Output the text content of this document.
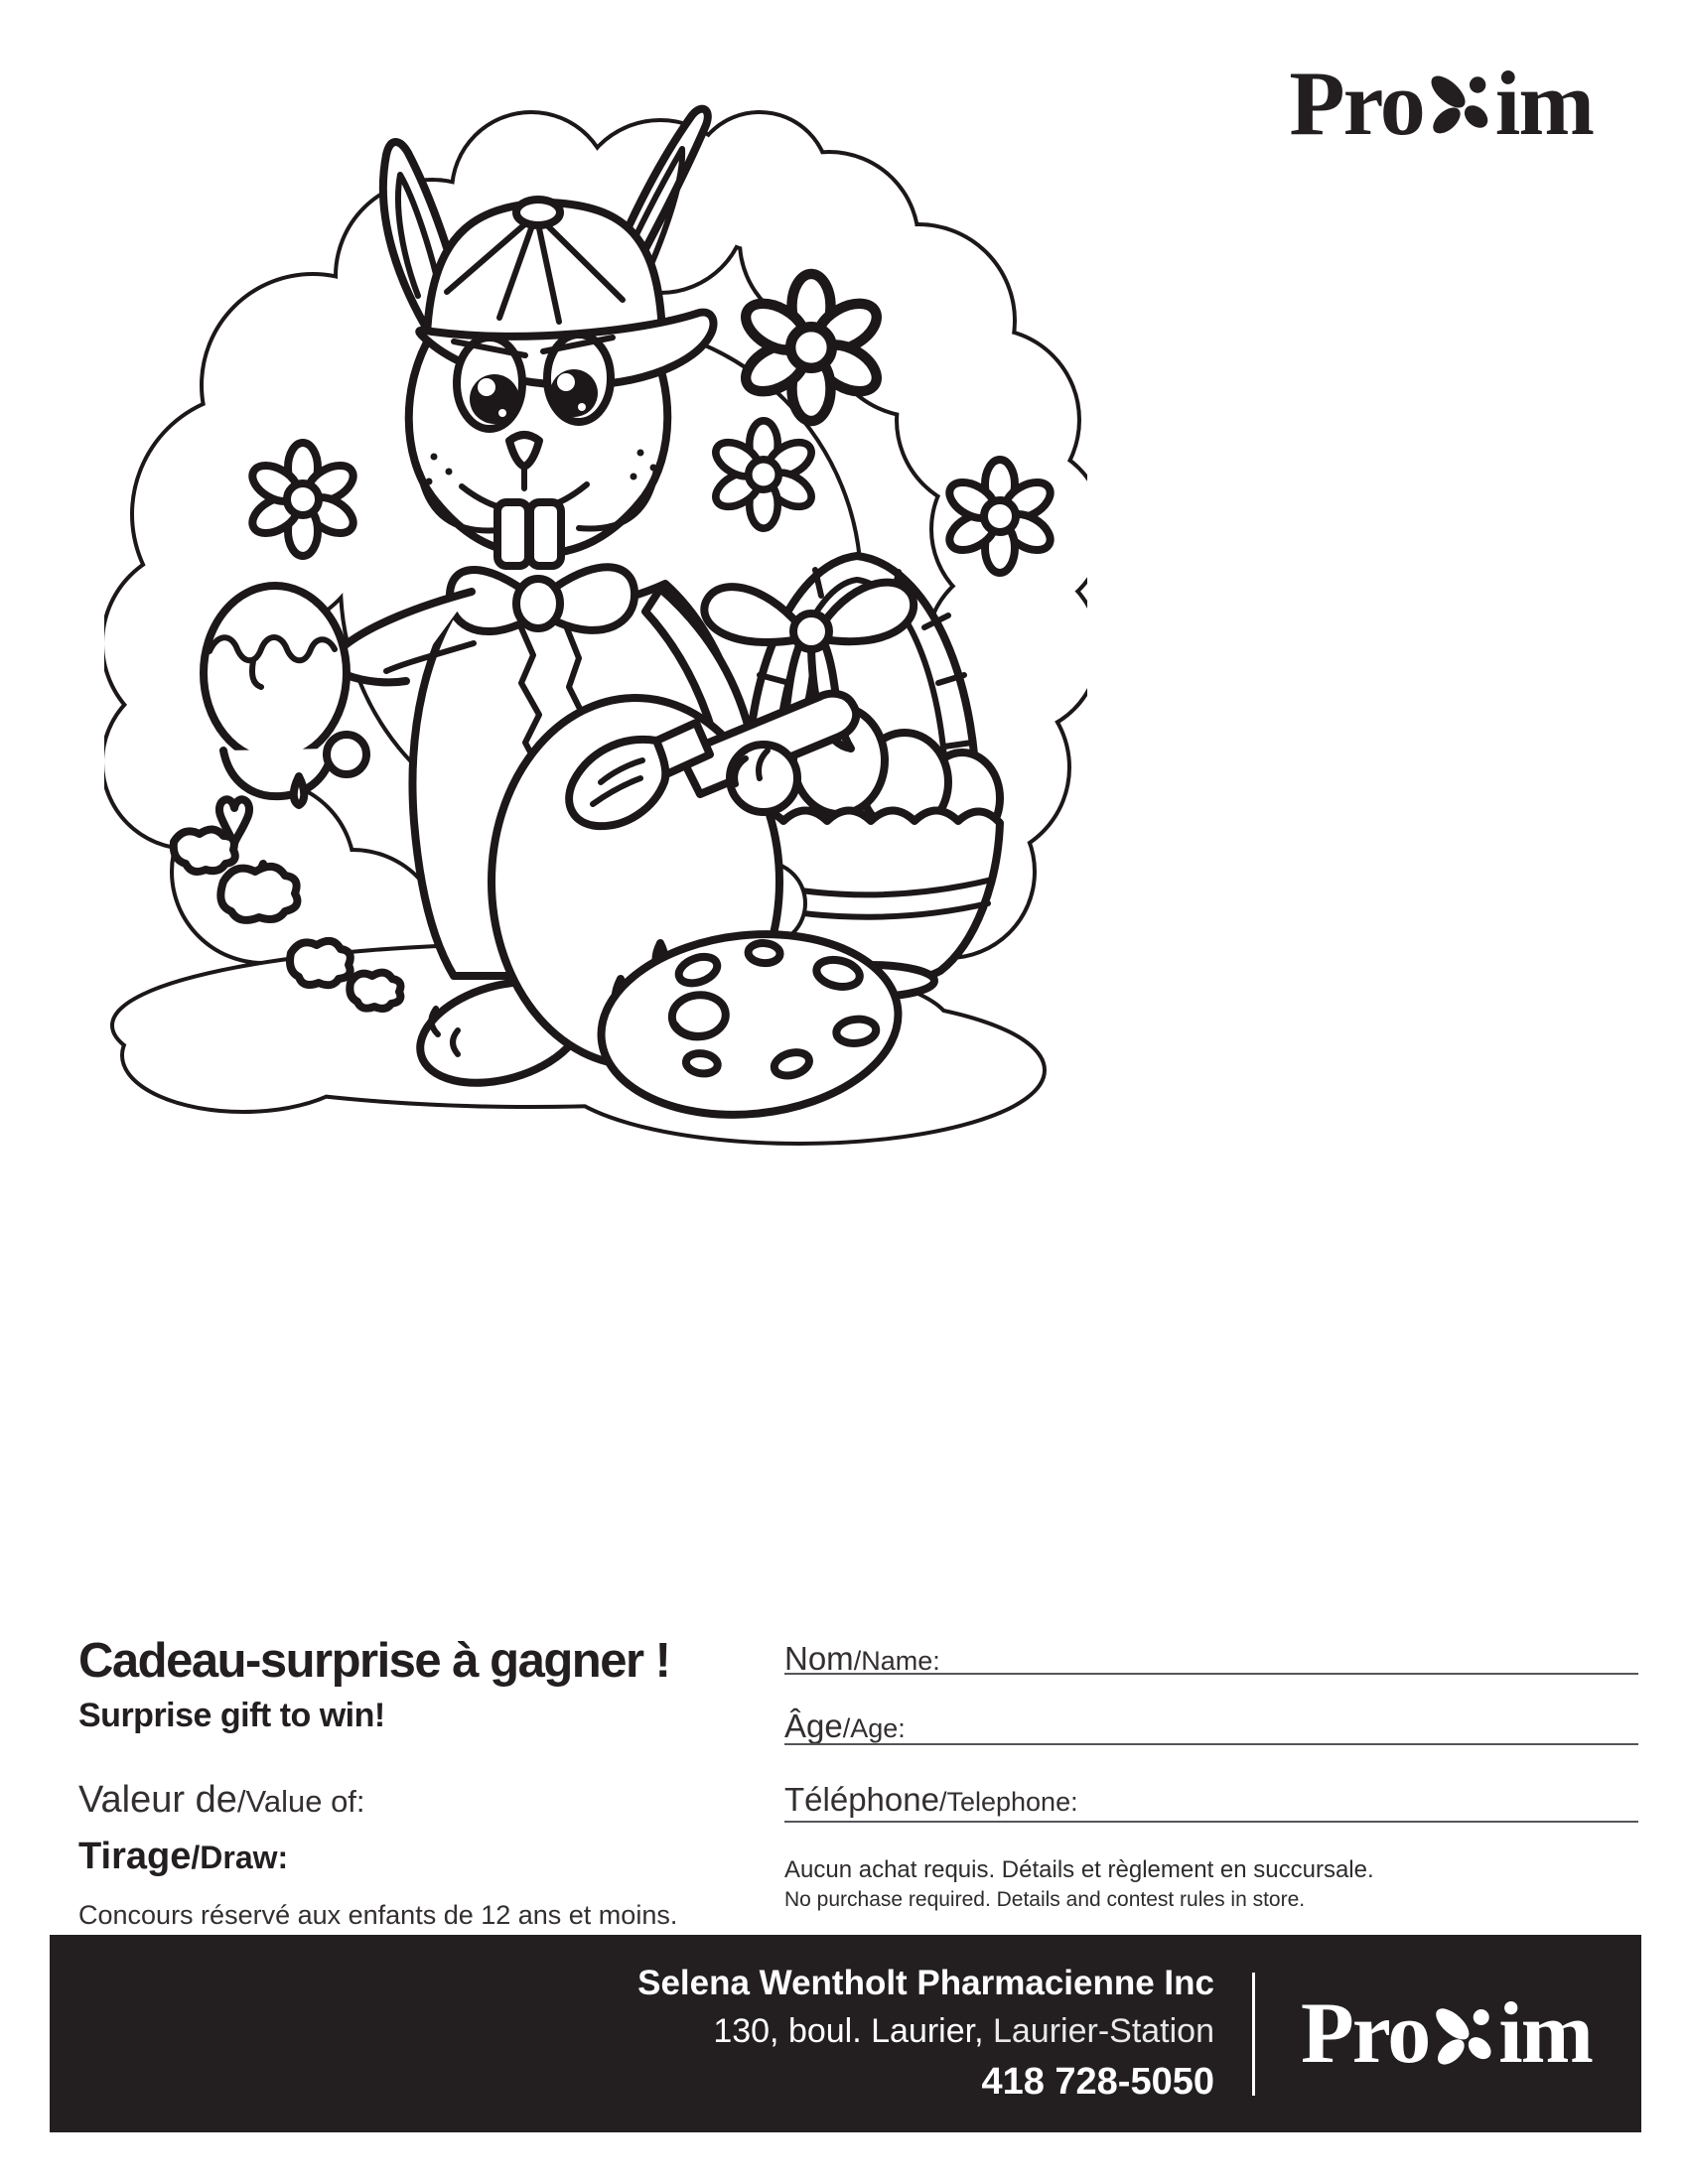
Pro im
Cadeau-surprise à gagner !
Surprise gift to win!
Valeur de/Value of:
Tirage/Draw:
Concours réservé aux enfants de 12 ans et moins.
Nom/Name:
Âge/Age:
Téléphone/Telephone:
Aucun achat requis. Détails et règlement en succursale.
No purchase required. Details and contest rules in store.
Selena Wentholt Pharmacienne Inc
130, boul. Laurier, Laurier-Station
418 728-5050 Pro im
